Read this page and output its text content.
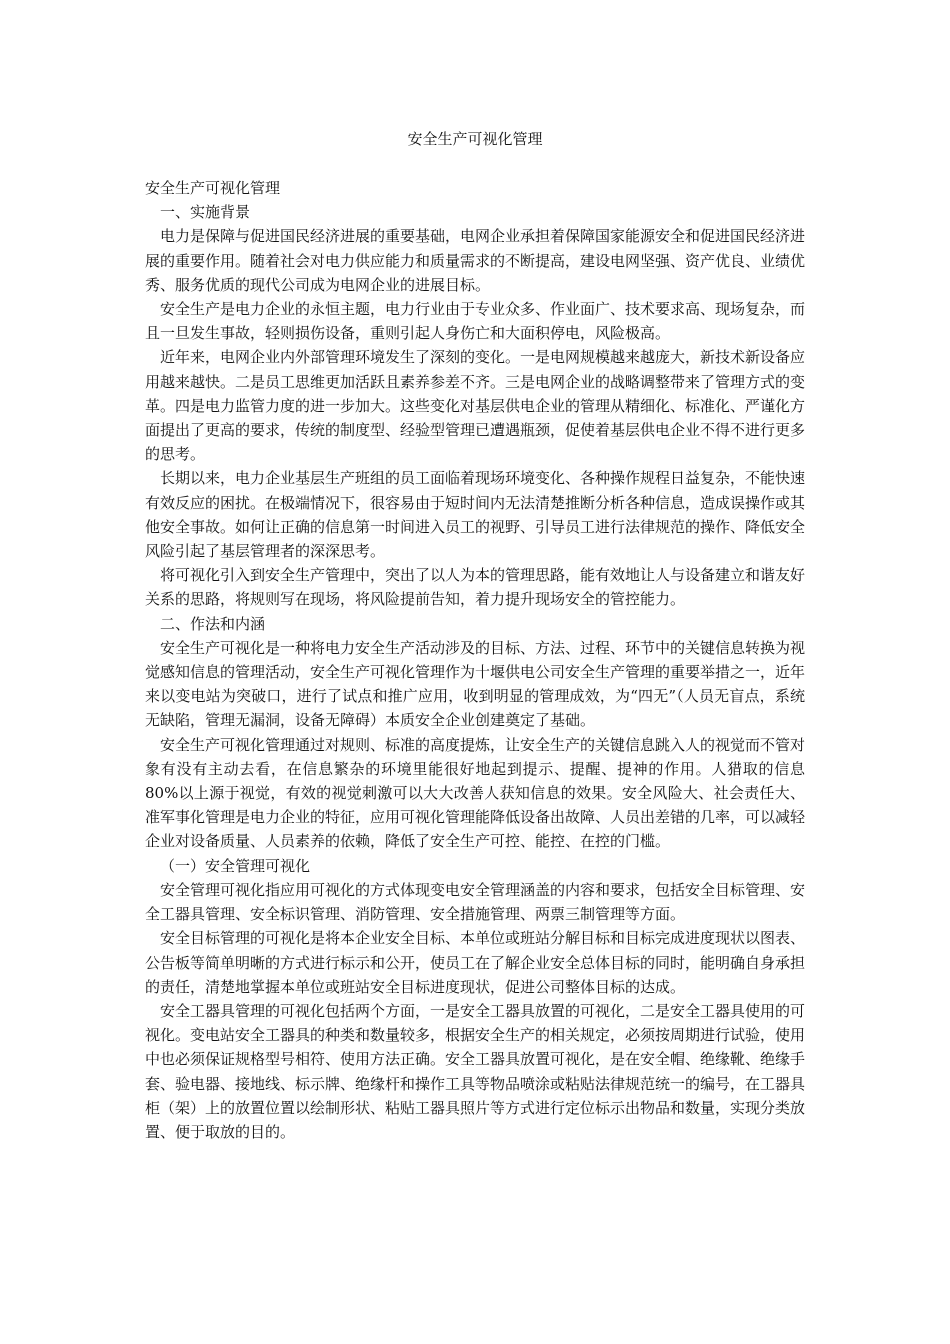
安全生产可视化管理

安全生产可视化管理

一、实施背景

电力是保障与促进国民经济进展的重要基础，电网企业承担着保障国家能源安全和促进国民经济进展的重要作用。随着社会对电力供应能力和质量需求的不断提高，建设电网坚强、资产优良、业绩优秀、服务优质的现代公司成为电网企业的进展目标。

安全生产是电力企业的永恒主题，电力行业由于专业众多、作业面广、技术要求高、现场复杂，而且一旦发生事故，轻则损伤设备，重则引起人身伤亡和大面积停电，风险极高。

近年来，电网企业内外部管理环境发生了深刻的变化。一是电网规模越来越庞大，新技术新设备应用越来越快。二是员工思维更加活跃且素养参差不齐。三是电网企业的战略调整带来了管理方式的变革。四是电力监管力度的进一步加大。这些变化对基层供电企业的管理从精细化、标准化、严谨化方面提出了更高的要求，传统的制度型、经验型管理已遭遇瓶颈，促使着基层供电企业不得不进行更多的思考。

长期以来，电力企业基层生产班组的员工面临着现场环境变化、各种操作规程日益复杂，不能快速有效反应的困扰。在极端情况下，很容易由于短时间内无法清楚推断分析各种信息，造成误操作或其他安全事故。如何让正确的信息第一时间进入员工的视野、引导员工进行法律规范的操作、降低安全风险引起了基层管理者的深深思考。

将可视化引入到安全生产管理中，突出了以人为本的管理思路，能有效地让人与设备建立和谐友好关系的思路，将规则写在现场，将风险提前告知，着力提升现场安全的管控能力。

二、作法和内涵

安全生产可视化是一种将电力安全生产活动涉及的目标、方法、过程、环节中的关键信息转换为视觉感知信息的管理活动，安全生产可视化管理作为十堰供电公司安全生产管理的重要举措之一，近年来以变电站为突破口，进行了试点和推广应用，收到明显的管理成效，为“四无”（人员无盲点，系统无缺陷，管理无漏洞，设备无障碍）本质安全企业创建奠定了基础。

安全生产可视化管理通过对规则、标准的高度提炼，让安全生产的关键信息跳入人的视觉而不管对象有没有主动去看，在信息繁杂的环境里能很好地起到提示、提醒、提神的作用。人猎取的信息80%以上源于视觉，有效的视觉刺激可以大大改善人获知信息的效果。安全风险大、社会责任大、准军事化管理是电力企业的特征，应用可视化管理能降低设备出故障、人员出差错的几率，可以减轻企业对设备质量、人员素养的依赖，降低了安全生产可控、能控、在控的门槛。

（一）安全管理可视化

安全管理可视化指应用可视化的方式体现变电安全管理涵盖的内容和要求，包括安全目标管理、安全工器具管理、安全标识管理、消防管理、安全措施管理、两票三制管理等方面。

安全目标管理的可视化是将本企业安全目标、本单位或班站分解目标和目标完成进度现状以图表、公告板等简单明晰的方式进行标示和公开，使员工在了解企业安全总体目标的同时，能明确自身承担的责任，清楚地掌握本单位或班站安全目标进度现状，促进公司整体目标的达成。

安全工器具管理的可视化包括两个方面，一是安全工器具放置的可视化，二是安全工器具使用的可视化。变电站安全工器具的种类和数量较多，根据安全生产的相关规定，必须按周期进行试验，使用中也必须保证规格型号相符、使用方法正确。安全工器具放置可视化，是在安全帽、绝缘靴、绝缘手套、验电器、接地线、标示牌、绝缘杆和操作工具等物品喷涂或粘贴法律规范统一的编号，在工器具柜（架）上的放置位置以绘制形状、粘贴工器具照片等方式进行定位标示出物品和数量，实现分类放置、便于取放的目的。
